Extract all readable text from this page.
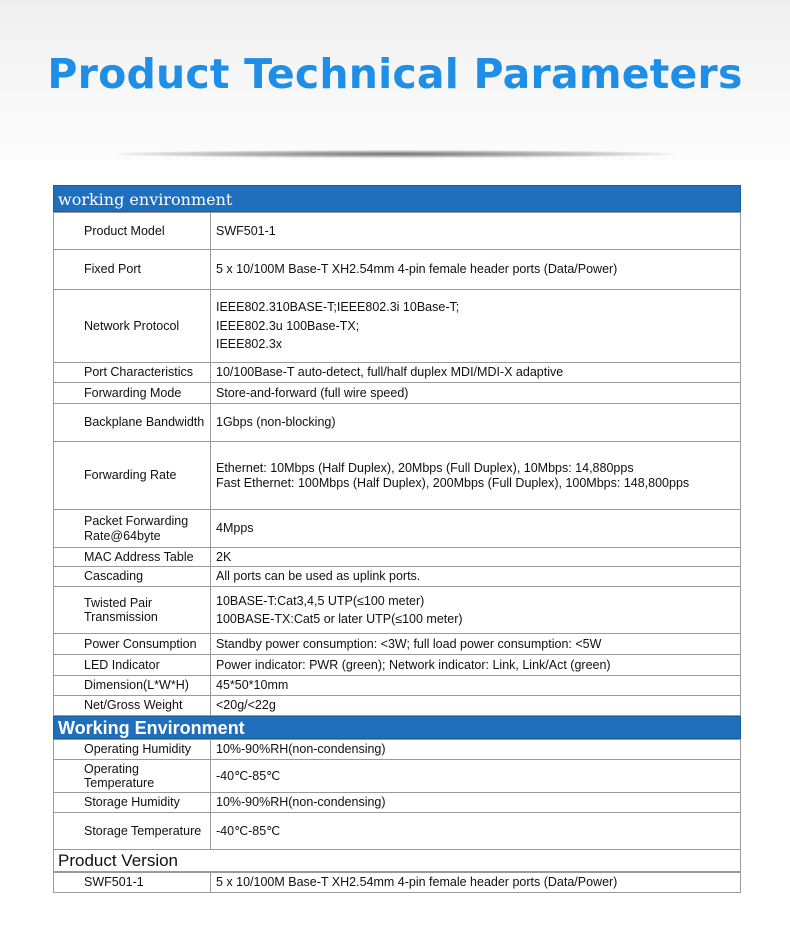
Product Technical Parameters
working environment
Product Model	SWF501-1

Fixed Port	5 x 10/100M Base-T XH2.54mm 4-pin female header ports (Data/Power)

Network Protocol	IEEE802.310BASE-T;IEEE802.3i 10Base-T;
IEEE802.3u 100Base-TX;
IEEE802.3x

Port Characteristics	10/100Base-T auto-detect, full/half duplex MDI/MDI-X adaptive

Forwarding Mode	Store-and-forward (full wire speed)

Backplane Bandwidth	1Gbps (non-blocking)

Forwarding Rate	Ethernet: 10Mbps (Half Duplex), 20Mbps (Full Duplex), 10Mbps: 14,880pps
Fast Ethernet: 100Mbps (Half Duplex), 200Mbps (Full Duplex), 100Mbps: 148,800pps

Packet Forwarding Rate@64byte	4Mpps

MAC Address Table	2K

Cascading	All ports can be used as uplink ports.

Twisted Pair Transmission	10BASE-T:Cat3,4,5 UTP(≤100 meter)
100BASE-TX:Cat5 or later UTP(≤100 meter)

Power Consumption	Standby power consumption: <3W; full load power consumption: <5W

LED Indicator	Power indicator: PWR (green); Network indicator: Link, Link/Act (green)

Dimension(L*W*H)	45*50*10mm

Net/Gross Weight	<20g/<22g
Working Environment
Operating Humidity	10%-90%RH(non-condensing)

Operating Temperature	-40℃-85℃

Storage Humidity	10%-90%RH(non-condensing)

Storage Temperature	-40℃-85℃
Product Version
SWF501-1	5 x 10/100M Base-T XH2.54mm 4-pin female header ports (Data/Power)
